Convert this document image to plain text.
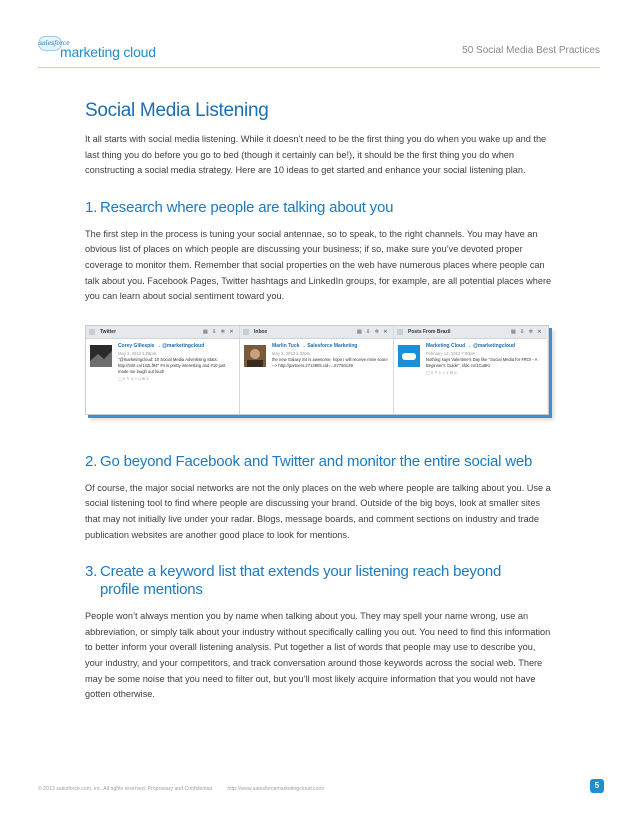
salesforce
marketing cloud	50 Social Media Best Practices
Social Media Listening

It all starts with social media listening. While it doesn’t need to be the first thing you do when you wake up and the last thing you do before you go to bed (though it certainly can be!), it should be the first thing you do when constructing a social media strategy. Here are 10 ideas to get started and enhance your social listening plan.

1. Research where people are talking about you

The first step in the process is tuning your social antennae, so to speak, to the right channels. You may have an obvious list of places on which people are discussing your business; if so, make sure you’ve devoted proper coverage to monitor them. Remember that social properties on the web have numerous places where people can talk about you. Facebook Pages, Twitter hashtags and LinkedIn groups, for example, are all potential places where you can learn about social sentiment toward you.

Twitter	▤ ⇩ ✲ ✕
Corey Gillespie → @marketingcloud
May 2, 2013 1:06pm
"@marketingcloud: 10 Social Media Advertising Stats: http://tnlrt.co/13ZLf94" #4 is pretty interesting and #10 just made me laugh out loud!
▢ 0 ↰ 0 ✩ 0 ✉ 0
Inbox	▤ ⇩ ✲ ✕
Marlin Tuck → Salesforce Marketing
May 2, 2013 1:32pm
the new Galaxy S4 is awesome, hope I will receive mine soon! --> http://partners.2713905.cid=...57760139
Posts From Brazil	▤ ⇩ ✲ ✕
Marketing Cloud → @marketingcloud
February 14, 2013 7:00pm
Nothing says Valentine's Day like "Social Media for #ROI - A Beginner's Guide". sfdc.co/1Cu8Kr
▢ 0 ↰ 1 ✩ 1 ✉ 0
2. Go beyond Facebook and Twitter and monitor the entire social web

Of course, the major social networks are not the only places on the web where people are talking about you. Use a social listening tool to find where people are discussing your brand. Outside of the big boys, look at smaller sites that may not initially live under your radar. Blogs, message boards, and comment sections on industry and trade publication websites are another good place to look for mentions.

3. Create a keyword list that extends your listening reach beyond
profile mentions

People won’t always mention you by name when talking about you. They may spell your name wrong, use an abbreviation, or simply talk about your industry without specifically calling you out. You need to find this information to better inform your overall listening analysis. Put together a list of words that people may use to describe you, your industry, and your competitors, and track conversation around those keywords across the social web. There may be some noise that you need to filter out, but you’ll most likely acquire information that you would not have gotten otherwise.

© 2013 salesforce.com, inc. All rights reserved. Proprietary and Confidential	http://www.salesforcemarketingcloud.com/	5
